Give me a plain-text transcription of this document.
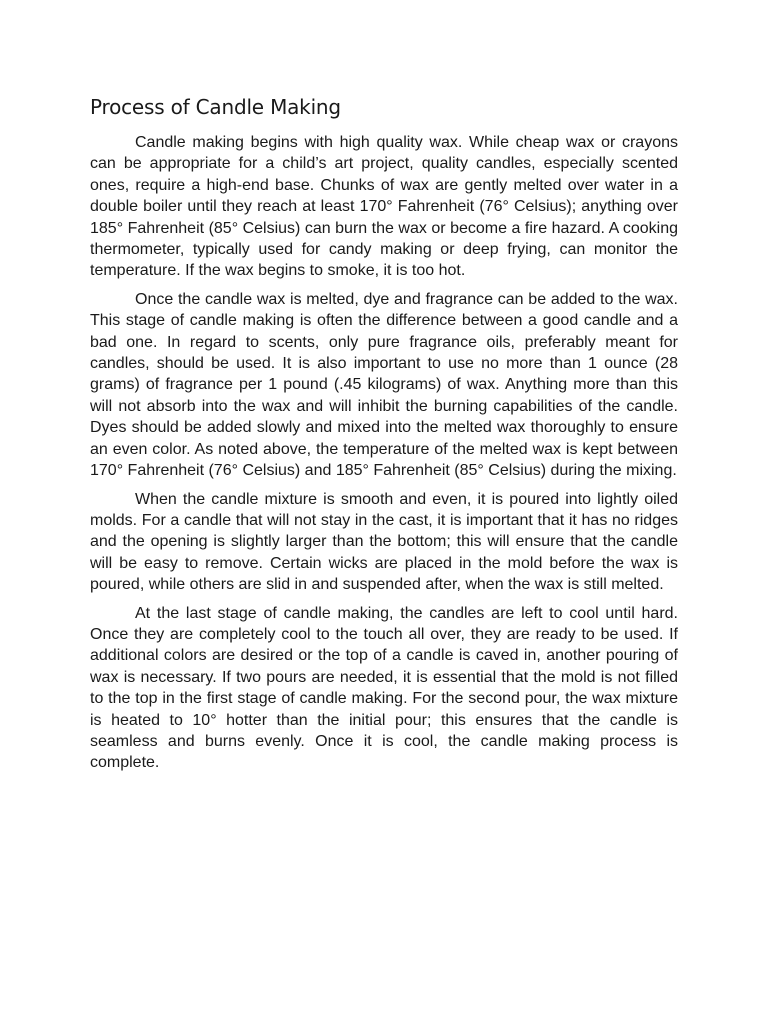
Process of Candle Making

Candle making begins with high quality wax. While cheap wax or crayons can be appropriate for a child’s art project, quality candles, especially scented ones, require a high-end base. Chunks of wax are gently melted over water in a double boiler until they reach at least 170° Fahrenheit (76° Celsius); anything over 185° Fahrenheit (85° Celsius) can burn the wax or become a fire hazard. A cooking thermometer, typically used for candy making or deep frying, can monitor the temperature. If the wax begins to smoke, it is too hot.

Once the candle wax is melted, dye and fragrance can be added to the wax. This stage of candle making is often the difference between a good candle and a bad one. In regard to scents, only pure fragrance oils, preferably meant for candles, should be used. It is also important to use no more than 1 ounce (28 grams) of fragrance per 1 pound (.45 kilograms) of wax. Anything more than this will not absorb into the wax and will inhibit the burning capabilities of the candle. Dyes should be added slowly and mixed into the melted wax thoroughly to ensure an even color. As noted above, the temperature of the melted wax is kept between 170° Fahrenheit (76° Celsius) and 185° Fahrenheit (85° Celsius) during the mixing.

When the candle mixture is smooth and even, it is poured into lightly oiled molds. For a candle that will not stay in the cast, it is important that it has no ridges and the opening is slightly larger than the bottom; this will ensure that the candle will be easy to remove. Certain wicks are placed in the mold before the wax is poured, while others are slid in and suspended after, when the wax is still melted.

At the last stage of candle making, the candles are left to cool until hard. Once they are completely cool to the touch all over, they are ready to be used. If additional colors are desired or the top of a candle is caved in, another pouring of wax is necessary. If two pours are needed, it is essential that the mold is not filled to the top in the first stage of candle making. For the second pour, the wax mixture is heated to 10° hotter than the initial pour; this ensures that the candle is seamless and burns evenly. Once it is cool, the candle making process is complete.
